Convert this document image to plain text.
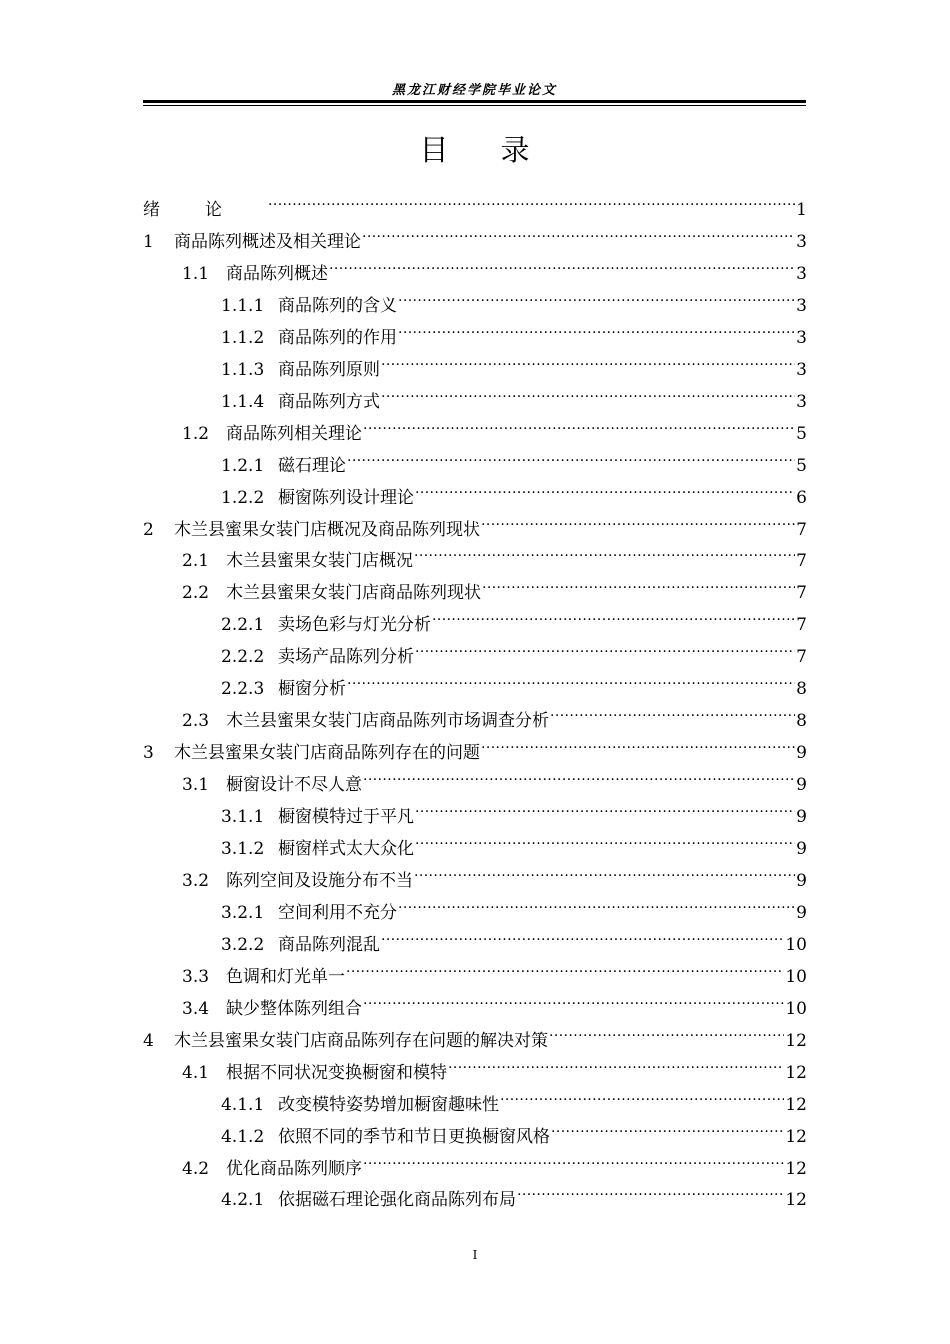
黑龙江财经学院毕业论文
目 录
绪论 .....	1
1	商品陈列概述及相关理论 .....	3
1.1 商品陈列概述 .....	3
1.1.1 商品陈列的含义 .....	3
1.1.2 商品陈列的作用 .....	3
1.1.3 商品陈列原则 .....	3
1.1.4 商品陈列方式 .....	3
1.2 商品陈列相关理论 .....	5
1.2.1 磁石理论 .....	5
1.2.2 橱窗陈列设计理论 .....	6
2	木兰县蜜果女装门店概况及商品陈列现状 .....	7
2.1 木兰县蜜果女装门店概况 .....	7
2.2 木兰县蜜果女装门店商品陈列现状 .....	7
2.2.1 卖场色彩与灯光分析 .....	7
2.2.2 卖场产品陈列分析 .....	7
2.2.3 橱窗分析 .....	8
2.3 木兰县蜜果女装门店商品陈列市场调查分析 .....	8
3	木兰县蜜果女装门店商品陈列存在的问题 .....	9
3.1 橱窗设计不尽人意 .....	9
3.1.1 橱窗模特过于平凡 .....	9
3.1.2 橱窗样式太大众化 .....	9
3.2 陈列空间及设施分布不当 .....	9
3.2.1 空间利用不充分 .....	9
3.2.2 商品陈列混乱 .....	10
3.3 色调和灯光单一 .....	10
3.4 缺少整体陈列组合 .....	10
4	木兰县蜜果女装门店商品陈列存在问题的解决对策 .....	12
4.1 根据不同状况变换橱窗和模特 .....	12
4.1.1 改变模特姿势增加橱窗趣味性 .....	12
4.1.2 依照不同的季节和节日更换橱窗风格 .....	12
4.2 优化商品陈列顺序 .....	12
4.2.1 依据磁石理论强化商品陈列布局 .....	12
I
